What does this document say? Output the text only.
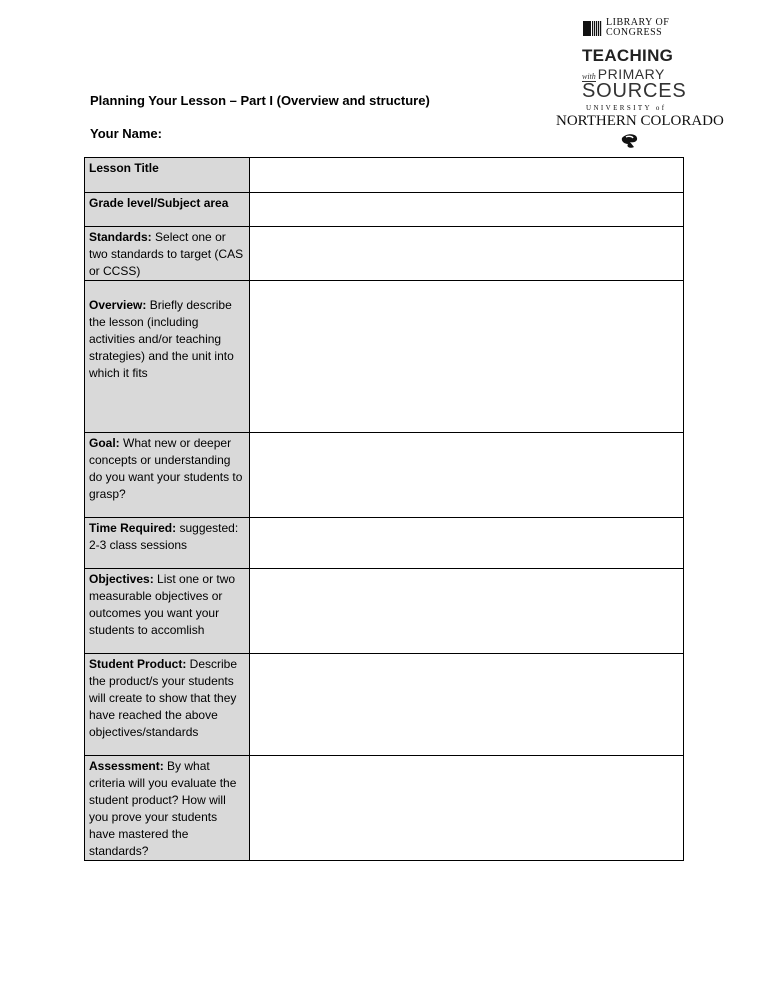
LIBRARY OF
CONGRESS
TEACHING
with PRIMARY
SOURCES
UNIVERSITY of
NORTHERN COLORADO
Planning Your Lesson – Part I (Overview and structure)
Your Name:
Lesson Title	
Grade level/Subject area	
Standards: Select one or two standards to target (CAS or CCSS)	
Overview: Briefly describe the lesson (including activities and/or teaching strategies) and the unit into which it fits	
Goal: What new or deeper concepts or understanding do you want your students to grasp?	
Time Required: suggested: 2-3 class sessions	
Objectives: List one or two measurable objectives or outcomes you want your students to accomlish	
Student Product: Describe the product/s your students will create to show that they have reached the above objectives/standards	
Assessment: By what criteria will you evaluate the student product? How will you prove your students have mastered the standards?	
